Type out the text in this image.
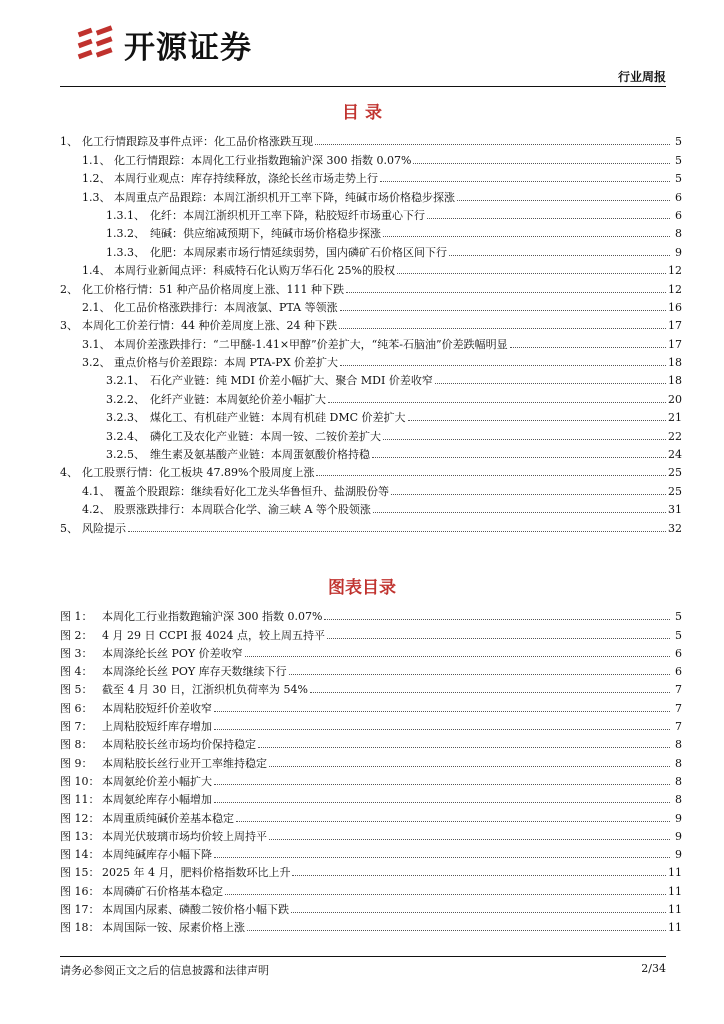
开源证券
行业周报
目 录
1、 化工行情跟踪及事件点评：化工品价格涨跌互现	5
1.1、 化工行情跟踪：本周化工行业指数跑输沪深 300 指数 0.07%	5
1.2、 本周行业观点：库存持续释放，涤纶长丝市场走势上行	5
1.3、 本周重点产品跟踪：本周江浙织机开工率下降，纯碱市场价格稳步探涨	6
1.3.1、 化纤：本周江浙织机开工率下降，粘胶短纤市场重心下行	6
1.3.2、 纯碱：供应缩减预期下，纯碱市场价格稳步探涨	8
1.3.3、 化肥：本周尿素市场行情延续弱势，国内磷矿石价格区间下行	9
1.4、 本周行业新闻点评：科威特石化认购万华石化 25%的股权	12
2、 化工价格行情：51 种产品价格周度上涨、111 种下跌	12
2.1、 化工品价格涨跌排行：本周液氯、PTA 等领涨	16
3、 本周化工价差行情：44 种价差周度上涨、24 种下跌	17
3.1、 本周价差涨跌排行：“二甲醚-1.41×甲醇”价差扩大，“纯苯-石脑油”价差跌幅明显	17
3.2、 重点价格与价差跟踪：本周 PTA-PX 价差扩大	18
3.2.1、 石化产业链：纯 MDI 价差小幅扩大、聚合 MDI 价差收窄	18
3.2.2、 化纤产业链：本周氨纶价差小幅扩大	20
3.2.3、 煤化工、有机硅产业链：本周有机硅 DMC 价差扩大	21
3.2.4、 磷化工及农化产业链：本周一铵、二铵价差扩大	22
3.2.5、 维生素及氨基酸产业链：本周蛋氨酸价格持稳	24
4、 化工股票行情：化工板块 47.89%个股周度上涨	25
4.1、 覆盖个股跟踪：继续看好化工龙头华鲁恒升、盐湖股份等	25
4.2、 股票涨跌排行：本周联合化学、渝三峡 A 等个股领涨	31
5、 风险提示	32
图表目录
图 1： 本周化工行业指数跑输沪深 300 指数 0.07%	5
图 2： 4 月 29 日 CCPI 报 4024 点，较上周五持平	5
图 3： 本周涤纶长丝 POY 价差收窄	6
图 4： 本周涤纶长丝 POY 库存天数继续下行	6
图 5： 截至 4 月 30 日，江浙织机负荷率为 54%	7
图 6： 本周粘胶短纤价差收窄	7
图 7： 上周粘胶短纤库存增加	7
图 8： 本周粘胶长丝市场均价保持稳定	8
图 9： 本周粘胶长丝行业开工率维持稳定	8
图 10： 本周氨纶价差小幅扩大	8
图 11： 本周氨纶库存小幅增加	8
图 12： 本周重质纯碱价差基本稳定	9
图 13： 本周光伏玻璃市场均价较上周持平	9
图 14： 本周纯碱库存小幅下降	9
图 15： 2025 年 4 月，肥料价格指数环比上升	11
图 16： 本周磷矿石价格基本稳定	11
图 17： 本周国内尿素、磷酸二铵价格小幅下跌	11
图 18： 本周国际一铵、尿素价格上涨	11
请务必参阅正文之后的信息披露和法律声明	2/34
